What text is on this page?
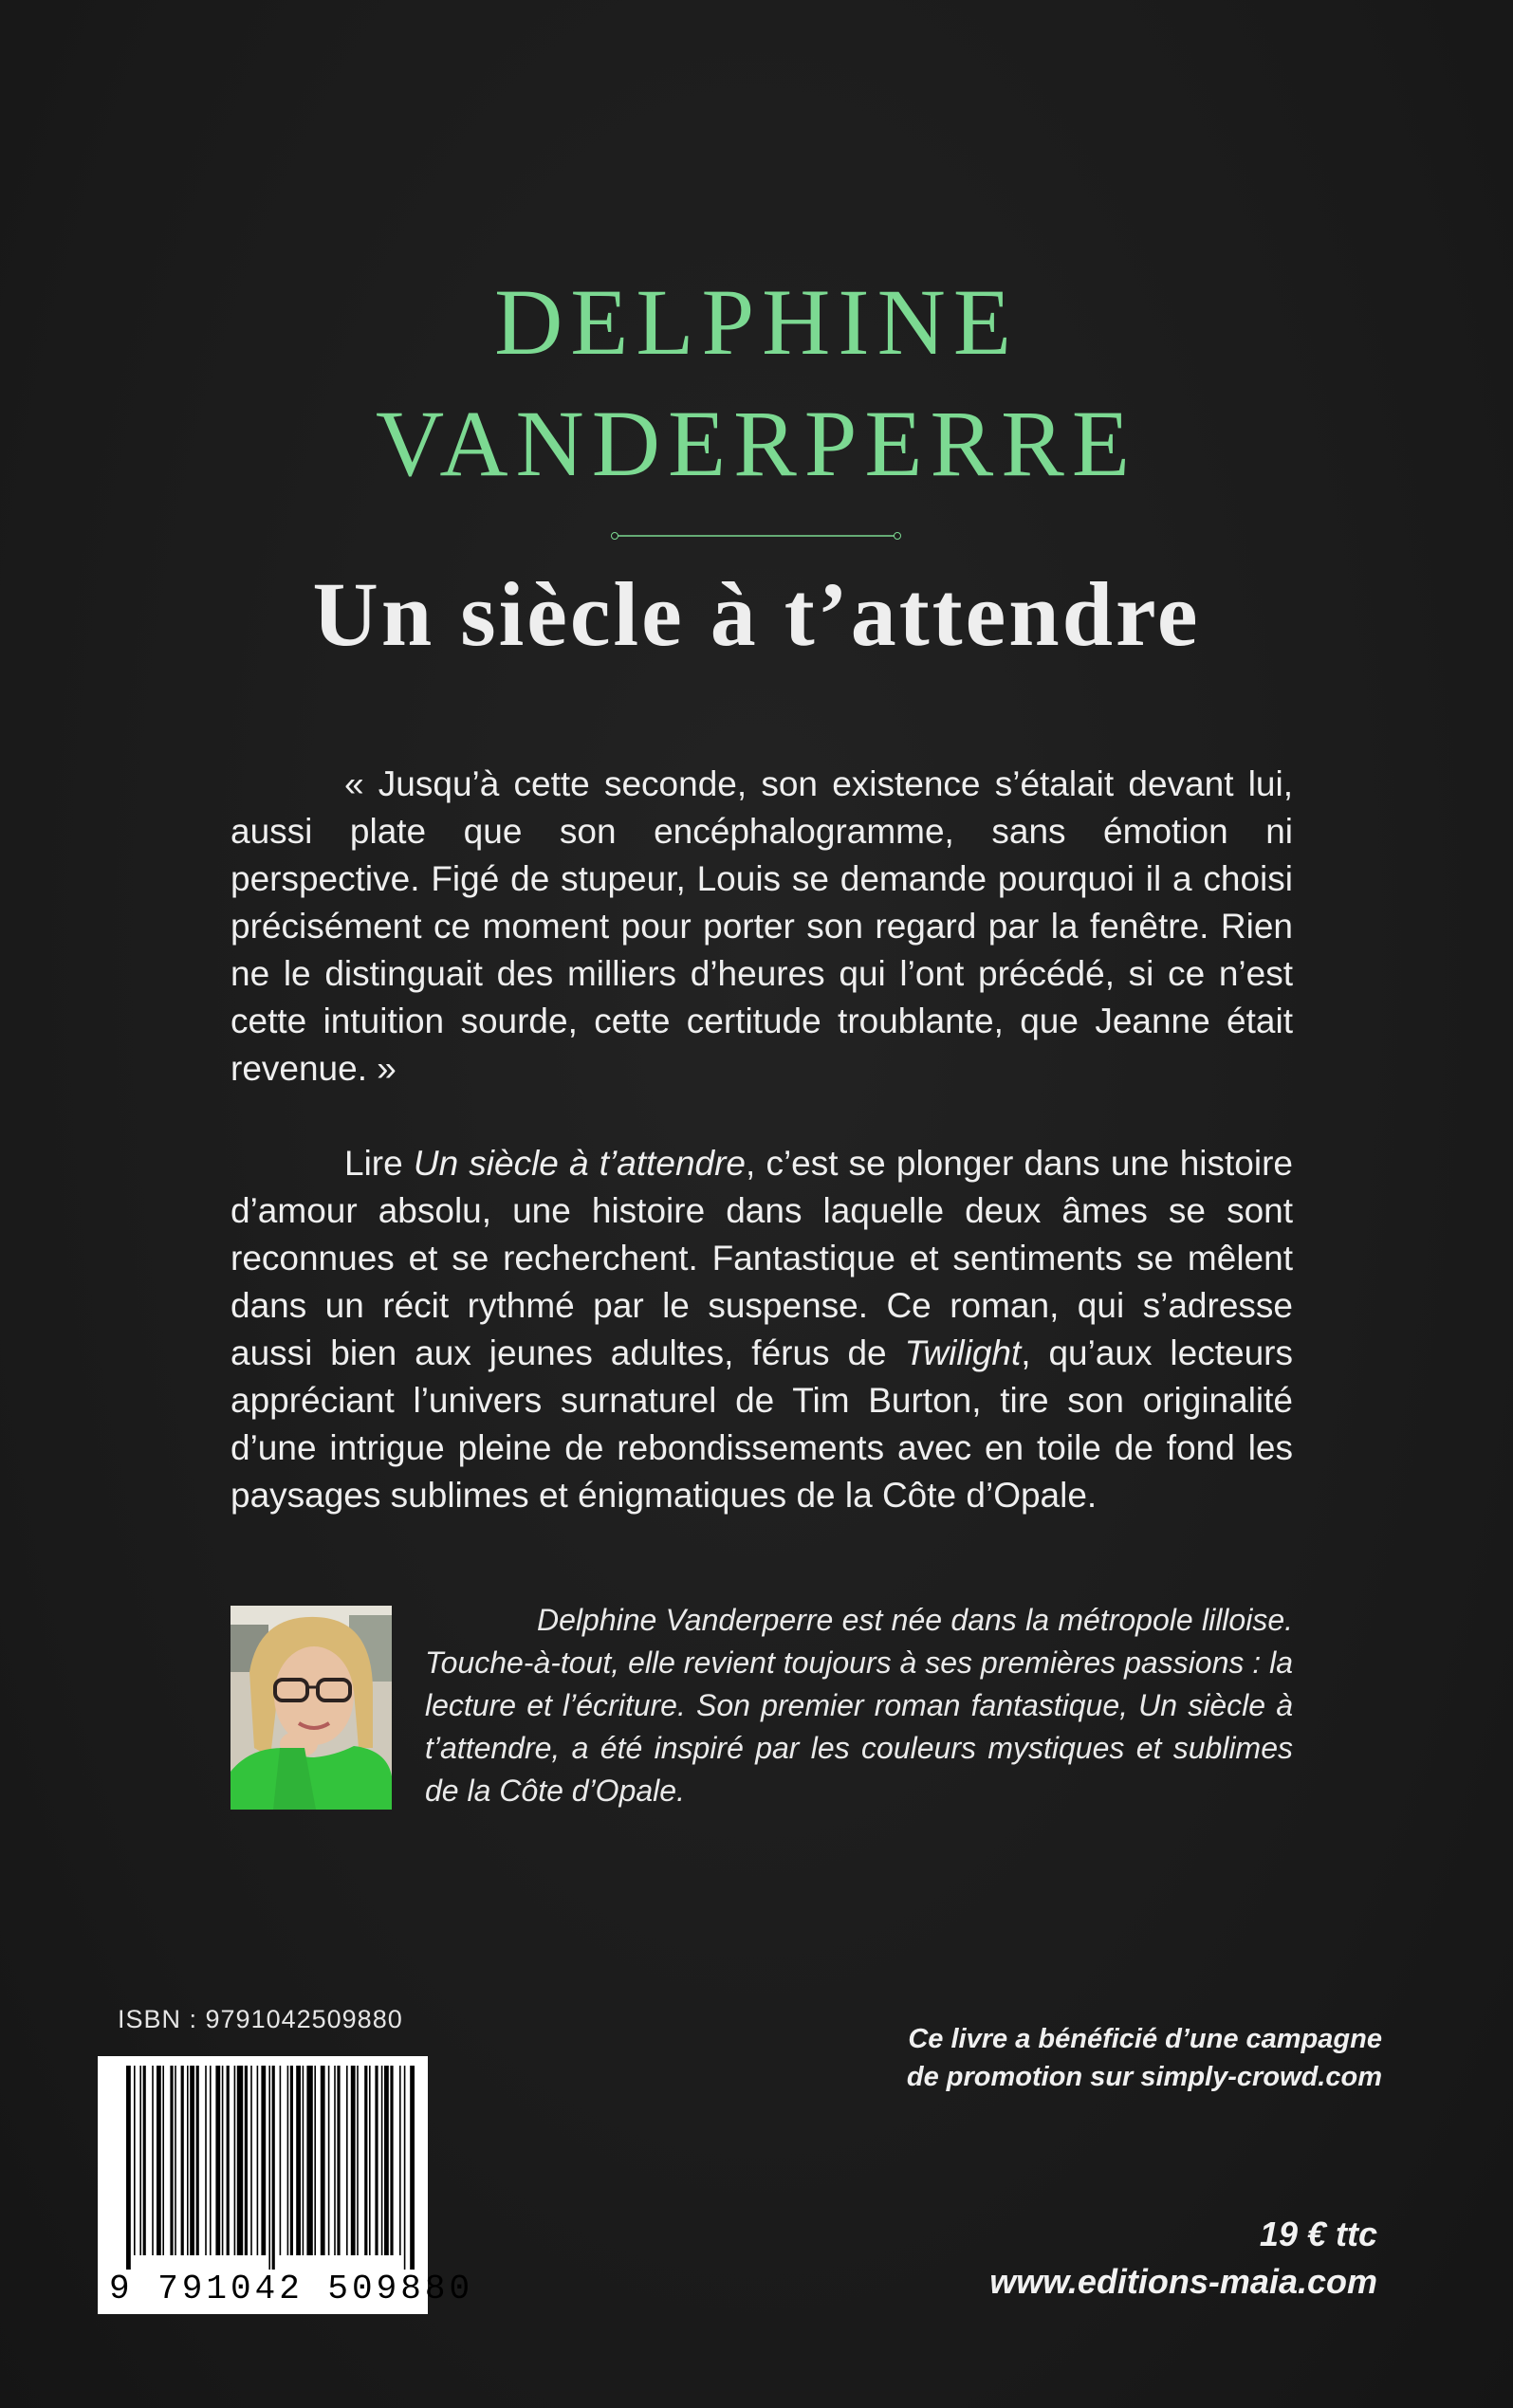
DELPHINE
VANDERPERRE
Un siècle à t’attendre

« Jusqu’à cette seconde, son existence s’étalait devant lui, aussi plate que son encéphalogramme, sans émotion ni perspective. Figé de stupeur, Louis se demande pourquoi il a choisi précisément ce moment pour porter son regard par la fenêtre. Rien ne le distinguait des milliers d’heures qui l’ont précédé, si ce n’est cette intuition sourde, cette certitude troublante, que Jeanne était revenue. »

Lire Un siècle à t’attendre, c’est se plonger dans une histoire d’amour absolu, une histoire dans laquelle deux âmes se sont reconnues et se recherchent. Fantastique et sentiments se mêlent dans un récit rythmé par le suspense. Ce roman, qui s’adresse aussi bien aux jeunes adultes, férus de Twilight, qu’aux lecteurs appréciant l’univers surnaturel de Tim Burton, tire son originalité d’une intrigue pleine de rebondissements avec en toile de fond les paysages sublimes et énigmatiques de la Côte d’Opale.

Delphine Vanderperre est née dans la métropole lilloise. Touche-à-tout, elle revient toujours à ses premières passions : la lecture et l’écriture. Son premier roman fantastique, Un siècle à t’attendre, a été inspiré par les couleurs mystiques et sublimes de la Côte d’Opale.

ISBN : 9791042509880
9 791042 509880
Ce livre a bénéficié d’une campagne
de promotion sur simply-crowd.com
19 € ttc
www.editions-maia.com
